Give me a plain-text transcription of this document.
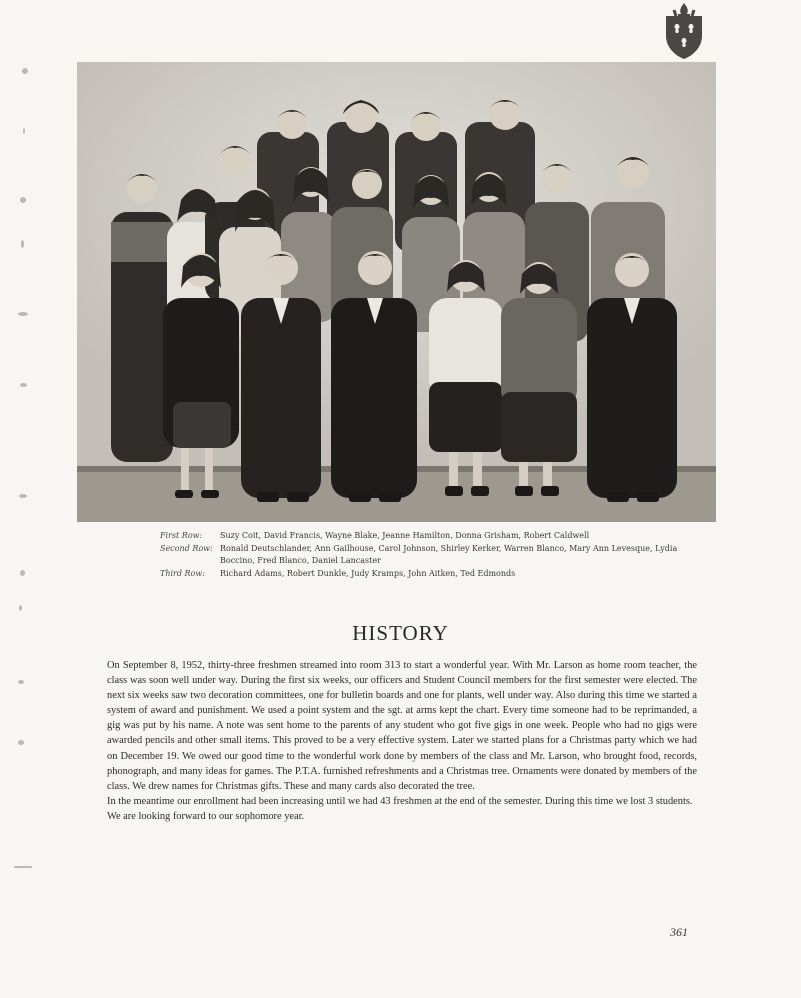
First Row:	Suzy Coit, David Francis, Wayne Blake, Jeanne Hamilton, Donna Grisham, Robert Caldwell
Second Row: Ronald Deutschlander, Ann Gailhouse, Carol Johnson, Shirley Kerker, Warren Blanco, Mary Ann Levesque, Lydia Boccino, Fred Blanco, Daniel Lancaster
Third Row:	Richard Adams, Robert Dunkle, Judy Kramps, John Aitken, Ted Edmonds
HISTORY

On September 8, 1952, thirty-three freshmen streamed into room 313 to start a wonderful year. With Mr. Larson as home room teacher, the class was soon well under way. During the first six weeks, our officers and Student Council members for the first semester were elected. The next six weeks saw two decoration committees, one for bulletin boards and one for plants, well under way. Also during this time we started a system of award and punishment. We used a point system and the sgt. at arms kept the chart. Every time someone had to be reprimanded, a gig was put by his name. A note was sent home to the parents of any student who got five gigs in one week. People who had no gigs were awarded pencils and other small items. This proved to be a very effective system. Later we started plans for a Christmas party which we had on December 19. We owed our good time to the wonderful work done by members of the class and Mr. Larson, who brought food, records, phonograph, and many ideas for games. The P.T.A. furnished refreshments and a Christmas tree. Ornaments were donated by members of the class. We drew names for Christmas gifts. These and many cards also decorated the tree.

In the meantime our enrollment had been increasing until we had 43 freshmen at the end of the semester. During this time we lost 3 students.

We are looking forward to our sophomore year.

361
